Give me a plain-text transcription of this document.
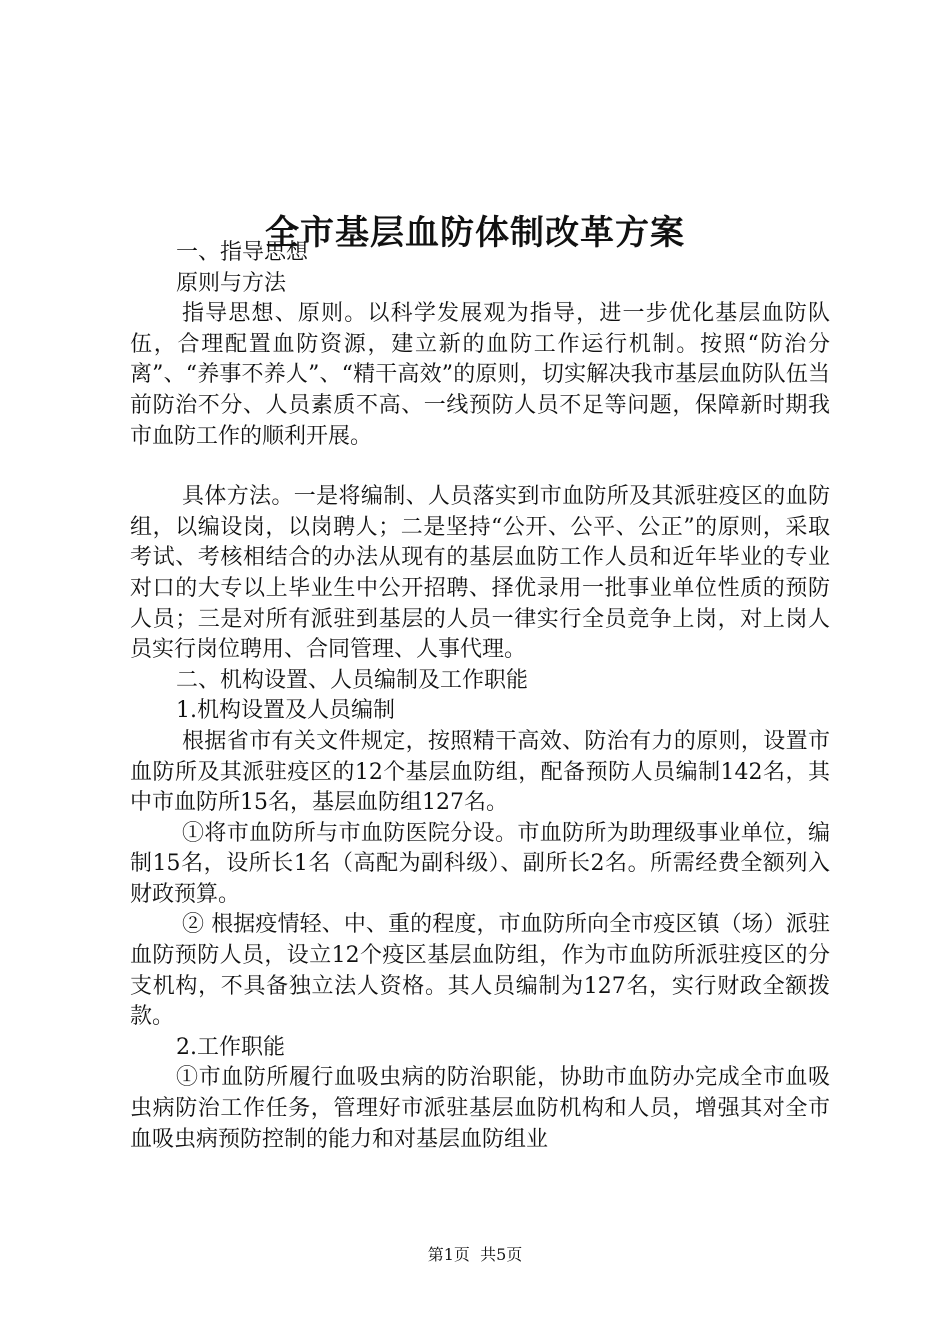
全市基层血防体制改革方案

一、指导思想

原则与方法

指导思想、原则。以科学发展观为指导，进一步优化基层血防队伍，合理配置血防资源，建立新的血防工作运行机制。按照“防治分离”、“养事不养人”、“精干高效”的原则，切实解决我市基层血防队伍当前防治不分、人员素质不高、一线预防人员不足等问题，保障新时期我市血防工作的顺利开展。

具体方法。一是将编制、人员落实到市血防所及其派驻疫区的血防组，以编设岗，以岗聘人；二是坚持“公开、公平、公正”的原则，采取考试、考核相结合的办法从现有的基层血防工作人员和近年毕业的专业对口的大专以上毕业生中公开招聘、择优录用一批事业单位性质的预防人员；三是对所有派驻到基层的人员一律实行全员竞争上岗，对上岗人员实行岗位聘用、合同管理、人事代理。

二、机构设置、人员编制及工作职能

1.机构设置及人员编制

根据省市有关文件规定，按照精干高效、防治有力的原则，设置市血防所及其派驻疫区的12个基层血防组，配备预防人员编制142名，其中市血防所15名，基层血防组127名。

①将市血防所与市血防医院分设。市血防所为助理级事业单位，编制15名，设所长1名（高配为副科级）、副所长2名。所需经费全额列入财政预算。

② 根据疫情轻、中、重的程度，市血防所向全市疫区镇（场）派驻血防预防人员，设立12个疫区基层血防组，作为市血防所派驻疫区的分支机构，不具备独立法人资格。其人员编制为127名，实行财政全额拨款。

2.工作职能

①市血防所履行血吸虫病的防治职能，协助市血防办完成全市血吸虫病防治工作任务，管理好市派驻基层血防机构和人员，增强其对全市血吸虫病预防控制的能力和对基层血防组业

第1页 共5页
